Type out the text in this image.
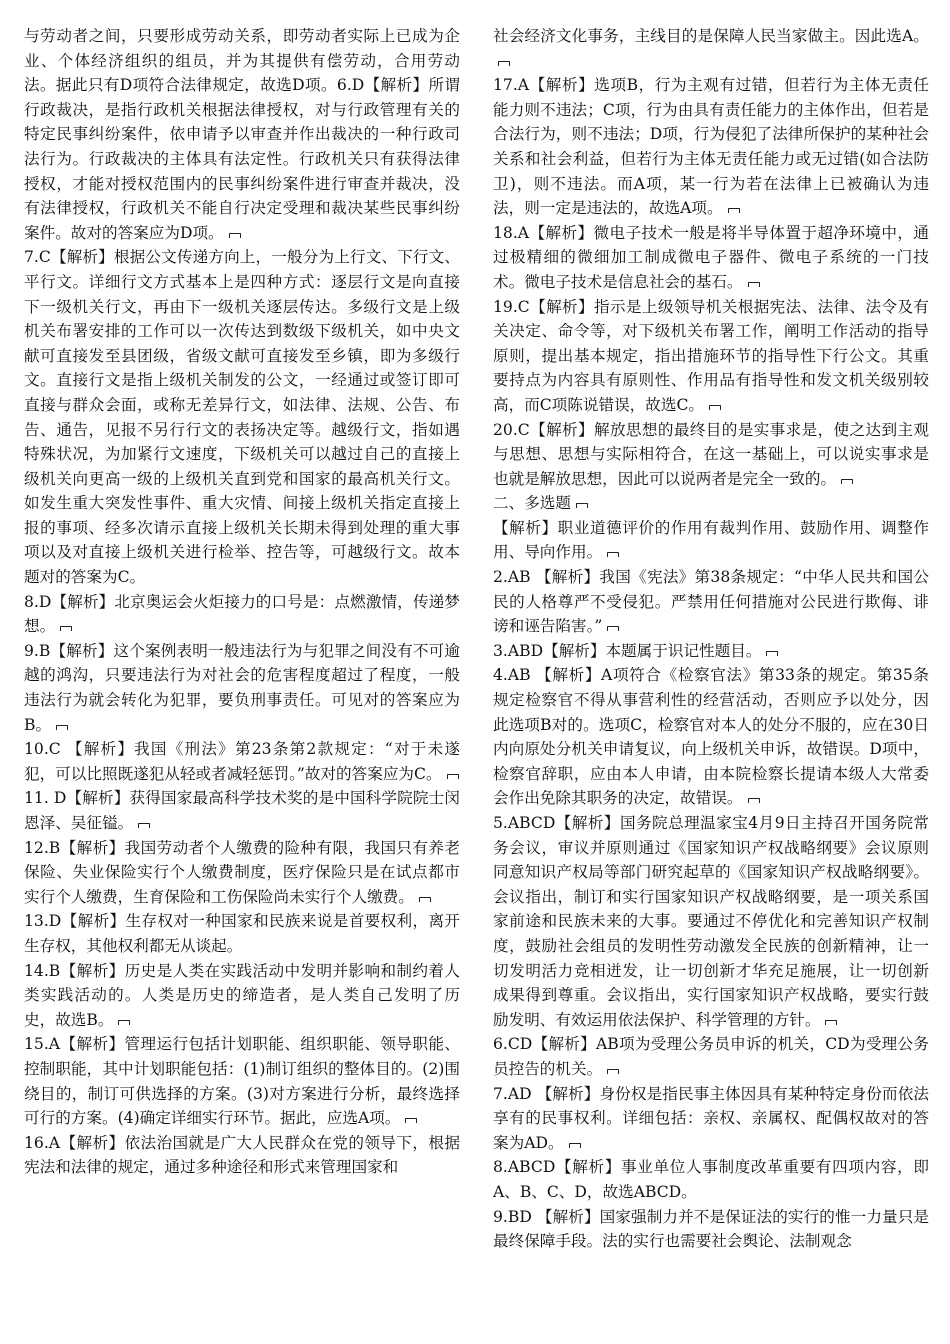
与劳动者之间，只要形成劳动关系，即劳动者实际上已成为企业、个体经济组织的组员，并为其提供有偿劳动，合用劳动法。据此只有D项符合法律规定，故选D项。6.D【解析】所谓行政裁决，是指行政机关根据法律授权，对与行政管理有关的特定民事纠纷案件，依申请予以审查并作出裁决的一种行政司法行为。行政裁决的主体具有法定性。行政机关只有获得法律授权，才能对授权范围内的民事纠纷案件进行审查并裁决，没有法律授权，行政机关不能自行决定受理和裁决某些民事纠纷案件。故对的答案应为D项。

7.C【解析】根据公文传递方向上，一般分为上行文、下行文、平行文。详细行文方式基本上是四种方式：逐层行文是向直接下一级机关行文，再由下一级机关逐层传达。多级行文是上级机关布署安排的工作可以一次传达到数级下级机关，如中央文献可直接发至县团级，省级文献可直接发至乡镇，即为多级行文。直接行文是指上级机关制发的公文，一经通过或签订即可直接与群众会面，或称无差异行文，如法律、法规、公告、布告、通告，见报不另行行文的表扬决定等。越级行文，指如遇特殊状况，为加紧行文速度，下级机关可以越过自己的直接上级机关向更高一级的上级机关直到党和国家的最高机关行文。如发生重大突发性事件、重大灾情、间接上级机关指定直接上报的事项、经多次请示直接上级机关长期未得到处理的重大事项以及对直接上级机关进行检举、控告等，可越级行文。故本题对的答案为C。

8.D【解析】北京奥运会火炬接力的口号是：点燃激情，传递梦想。

9.B【解析】这个案例表明一般违法行为与犯罪之间没有不可逾越的鸿沟，只要违法行为对社会的危害程度超过了程度，一般违法行为就会转化为犯罪，要负刑事责任。可见对的答案应为B。

10.C 【解析】我国《刑法》第23条第2款规定：“对于未遂犯，可以比照既遂犯从轻或者减轻惩罚。”故对的答案应为C。

11. D【解析】获得国家最高科学技术奖的是中国科学院院士闵恩泽、吴征镒。

12.B【解析】我国劳动者个人缴费的险种有限，我国只有养老保险、失业保险实行个人缴费制度，医疗保险只是在试点都市实行个人缴费，生育保险和工伤保险尚未实行个人缴费。

13.D【解析】生存权对一种国家和民族来说是首要权利，离开生存权，其他权利都无从谈起。

14.B【解析】历史是人类在实践活动中发明并影响和制约着人类实践活动的。人类是历史的缔造者，是人类自己发明了历史，故选B。

15.A【解析】管理运行包括计划职能、组织职能、领导职能、控制职能，其中计划职能包括：(1)制订组织的整体目的。(2)围绕目的，制订可供选择的方案。(3)对方案进行分析，最终选择可行的方案。(4)确定详细实行环节。据此，应选A项。

16.A【解析】依法治国就是广大人民群众在党的领导下，根据宪法和法律的规定，通过多种途径和形式来管理国家和

社会经济文化事务，主线目的是保障人民当家做主。因此选A。

17.A【解析】选项B，行为主观有过错，但若行为主体无责任能力则不违法；C项，行为由具有责任能力的主体作出，但若是合法行为，则不违法；D项，行为侵犯了法律所保护的某种社会关系和社会利益，但若行为主体无责任能力或无过错(如合法防卫)，则不违法。而A项，某一行为若在法律上已被确认为违法，则一定是违法的，故选A项。

18.A【解析】微电子技术一般是将半导体置于超净环境中，通过极精细的微细加工制成微电子器件、微电子系统的一门技术。微电子技术是信息社会的基石。

19.C【解析】指示是上级领导机关根据宪法、法律、法令及有关决定、命令等，对下级机关布署工作，阐明工作活动的指导原则，提出基本规定，指出措施环节的指导性下行公文。其重要持点为内容具有原则性、作用品有指导性和发文机关级别较高，而C项陈说错误，故选C。

20.C【解析】解放思想的最终目的是实事求是，使之达到主观与思想、思想与实际相符合，在这一基础上，可以说实事求是也就是解放思想，因此可以说两者是完全一致的。

二、多选题

【解析】职业道德评价的作用有裁判作用、鼓励作用、调整作用、导向作用。

2.AB 【解析】我国《宪法》第38条规定：“中华人民共和国公民的人格尊严不受侵犯。严禁用任何措施对公民进行欺侮、诽谤和诬告陷害。”

3.ABD【解析】本题属于识记性题目。

4.AB 【解析】A项符合《检察官法》第33条的规定。第35条规定检察官不得从事营利性的经营活动，否则应予以处分，因此选项B对的。选项C，检察官对本人的处分不服的，应在30日内向原处分机关申请复议，向上级机关申诉，故错误。D项中，检察官辞职，应由本人申请，由本院检察长提请本级人大常委会作出免除其职务的决定，故错误。

5.ABCD【解析】国务院总理温家宝4月9日主持召开国务院常务会议，审议并原则通过《国家知识产权战略纲要》会议原则同意知识产权局等部门研究起草的《国家知识产权战略纲要》。会议指出，制订和实行国家知识产权战略纲要，是一项关系国家前途和民族未来的大事。要通过不停优化和完善知识产权制度，鼓励社会组员的发明性劳动激发全民族的创新精神，让一切发明活力竞相迸发，让一切创新才华充足施展，让一切创新成果得到尊重。会议指出，实行国家知识产权战略，要实行鼓励发明、有效运用依法保护、科学管理的方针。

6.CD【解析】AB项为受理公务员申诉的机关，CD为受理公务员控告的机关。

7.AD 【解析】身份权是指民事主体因具有某种特定身份而依法享有的民事权利。详细包括：亲权、亲属权、配偶权故对的答案为AD。

8.ABCD【解析】事业单位人事制度改革重要有四项内容，即A、B、C、D，故选ABCD。

9.BD 【解析】国家强制力并不是保证法的实行的惟一力量只是最终保障手段。法的实行也需要社会舆论、法制观念
